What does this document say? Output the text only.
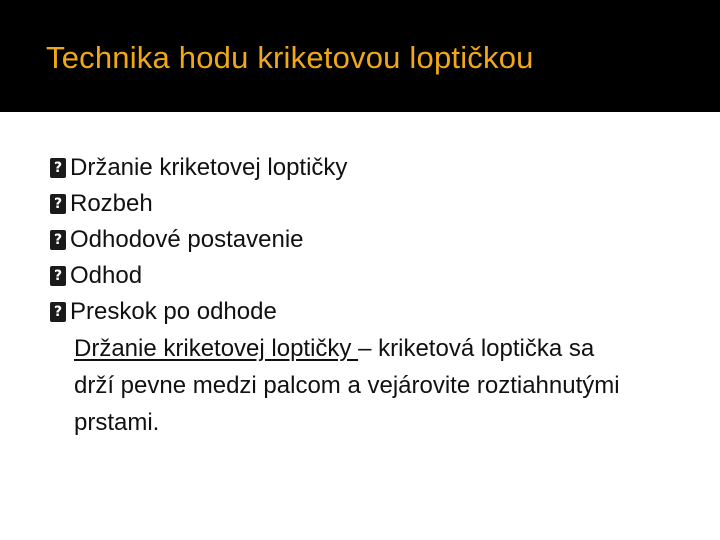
Technika hodu kriketovou loptičkou
?
Držanie kriketovej loptičky
?
Rozbeh
?
Odhodové postavenie
?
Odhod
?
Preskok po odhode

Držanie kriketovej loptičky – kriketová loptička sa drží pevne medzi palcom a vejárovite roztiahnutými prstami.
